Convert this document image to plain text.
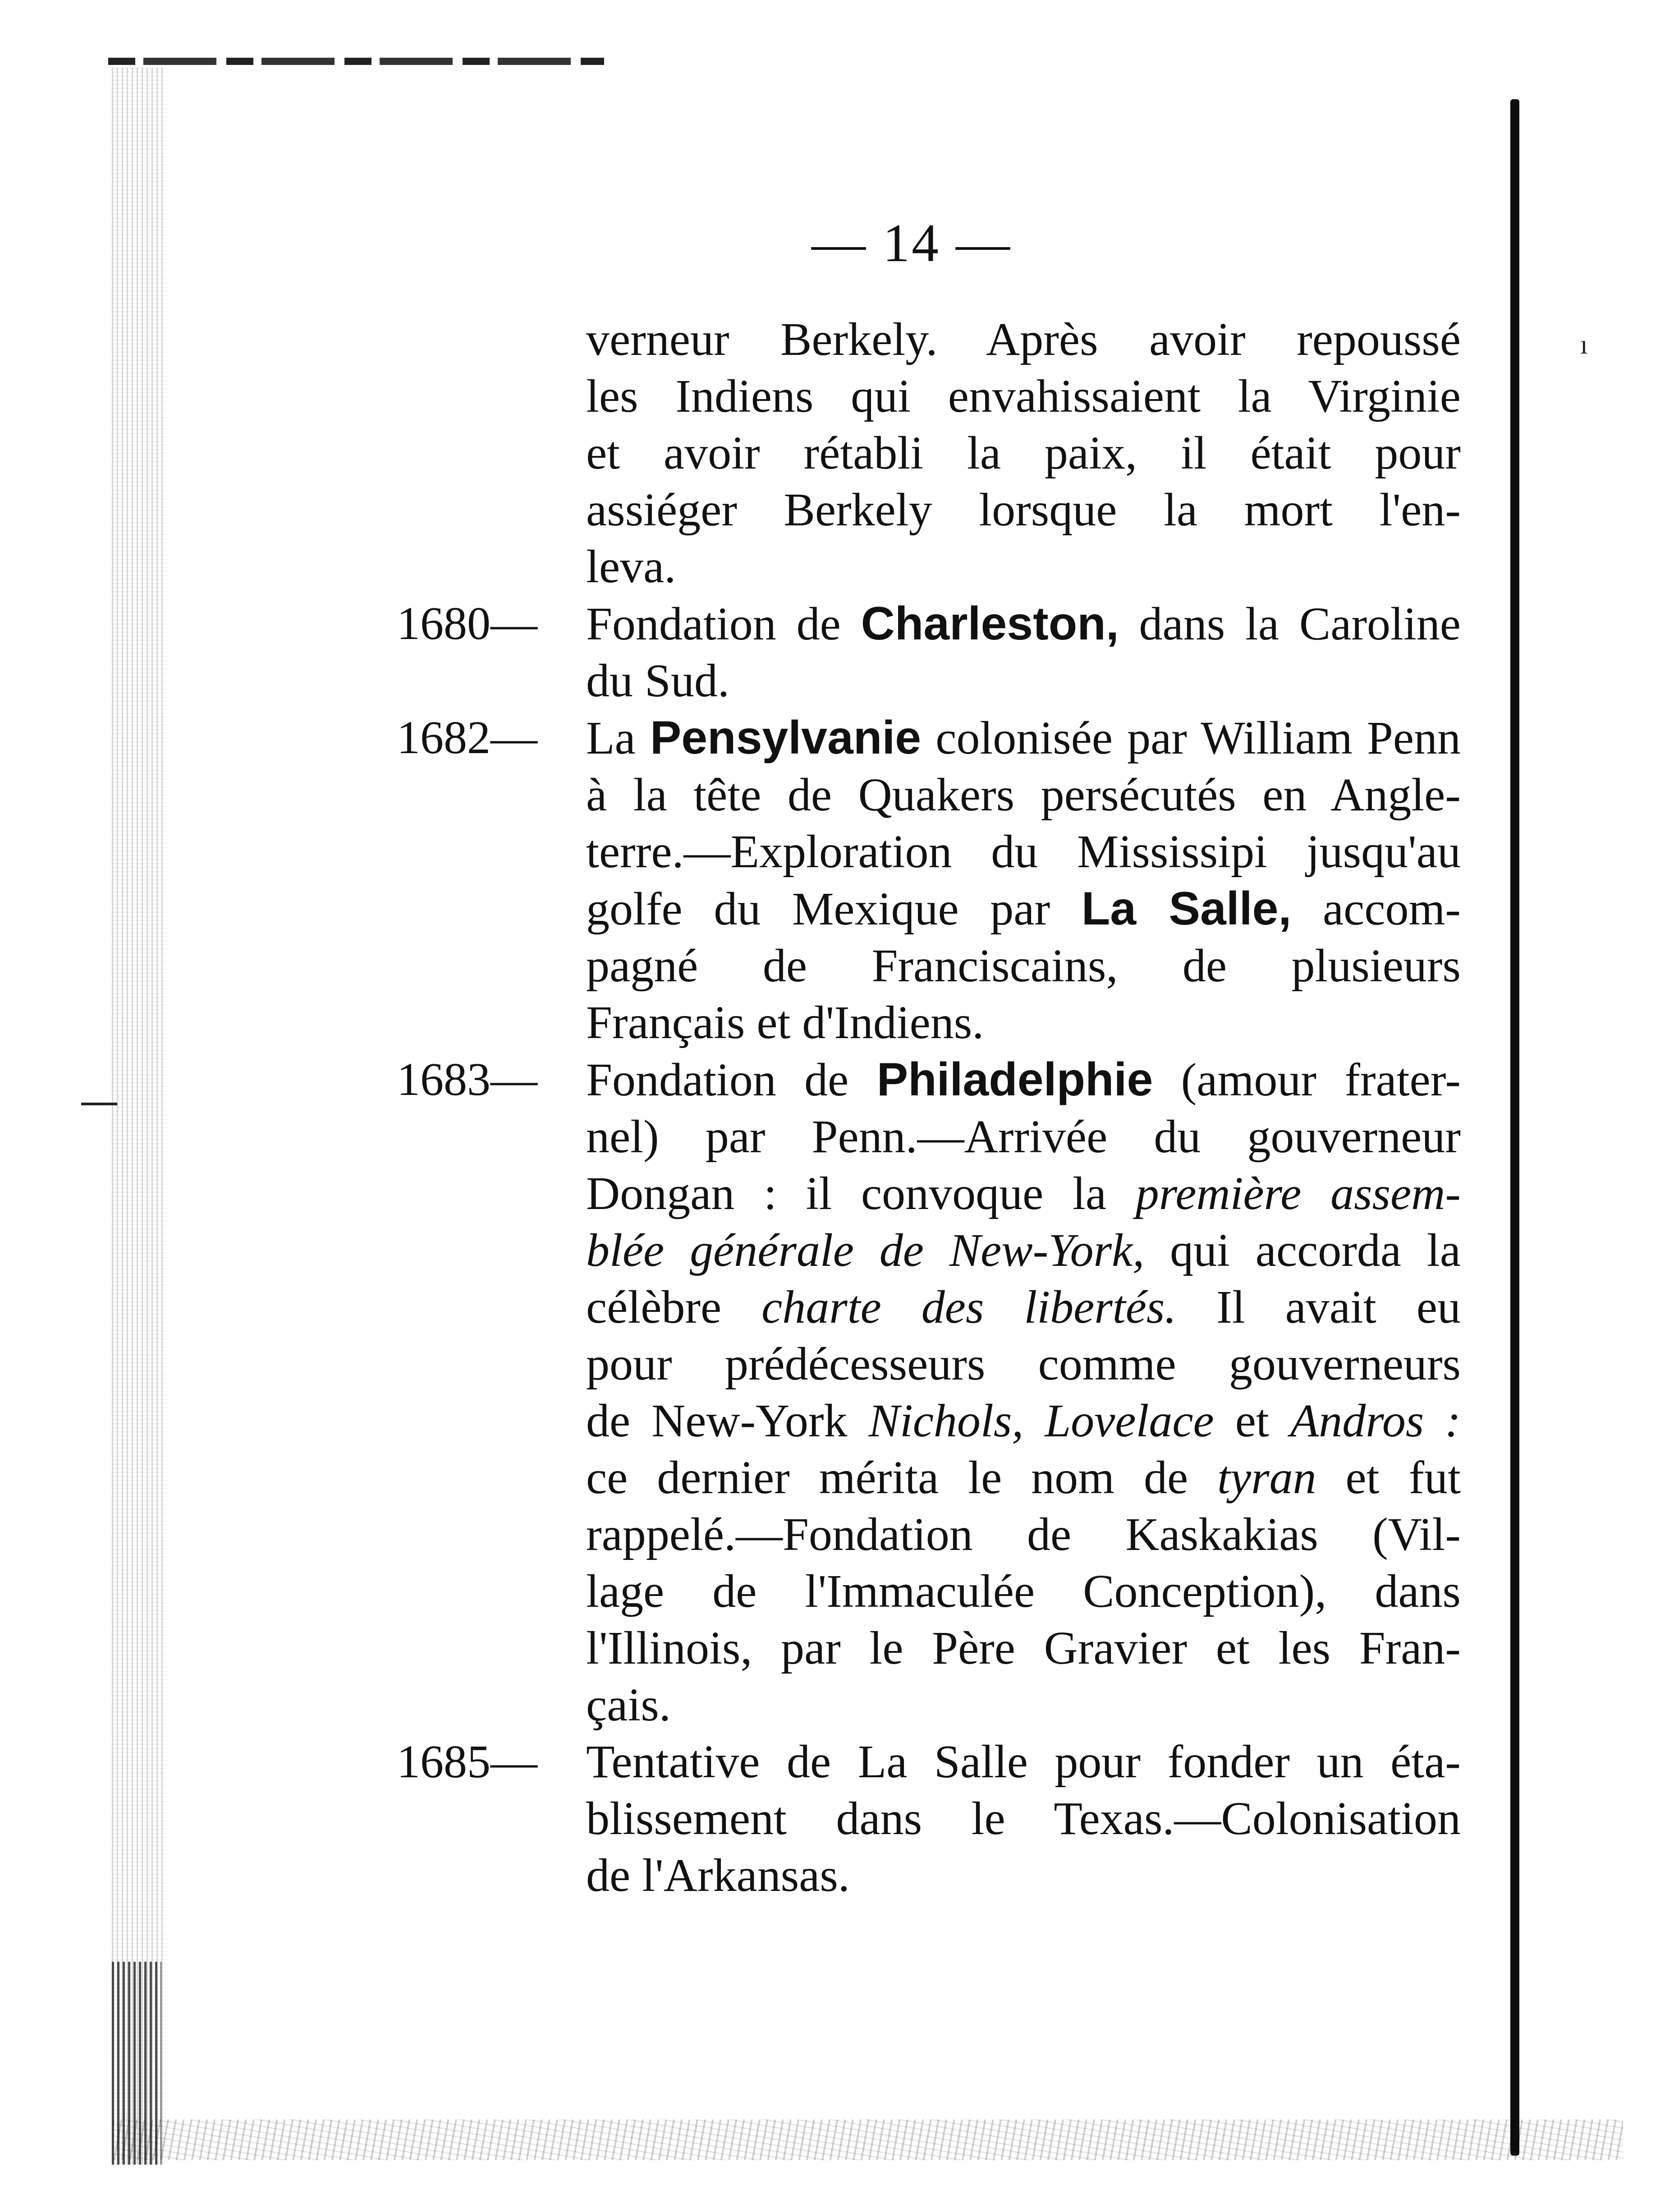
ı
— 14 —
verneur Berkely. Après avoir repoussé
les Indiens qui envahissaient la Virginie
et avoir rétabli la paix, il était pour
assiéger Berkely lorsque la mort l'en-
leva.
1680— Fondation de Charleston, dans la Caroline
du Sud.
1682— La Pensylvanie colonisée par William Penn
à la tête de Quakers persécutés en Angle-
terre.—Exploration du Mississipi jusqu'au
golfe du Mexique par La Salle, accom-
pagné de Franciscains, de plusieurs
Français et d'Indiens.
1683— Fondation de Philadelphie (amour frater-
nel) par Penn.—Arrivée du gouverneur
Dongan : il convoque la première assem-
blée générale de New-York, qui accorda la
célèbre charte des libertés. Il avait eu
pour prédécesseurs comme gouverneurs
de New-York Nichols, Lovelace et Andros :
ce dernier mérita le nom de tyran et fut
rappelé.—Fondation de Kaskakias (Vil-
lage de l'Immaculée Conception), dans
l'Illinois, par le Père Gravier et les Fran-
çais.
1685— Tentative de La Salle pour fonder un éta-
blissement dans le Texas.—Colonisation
de l'Arkansas.
